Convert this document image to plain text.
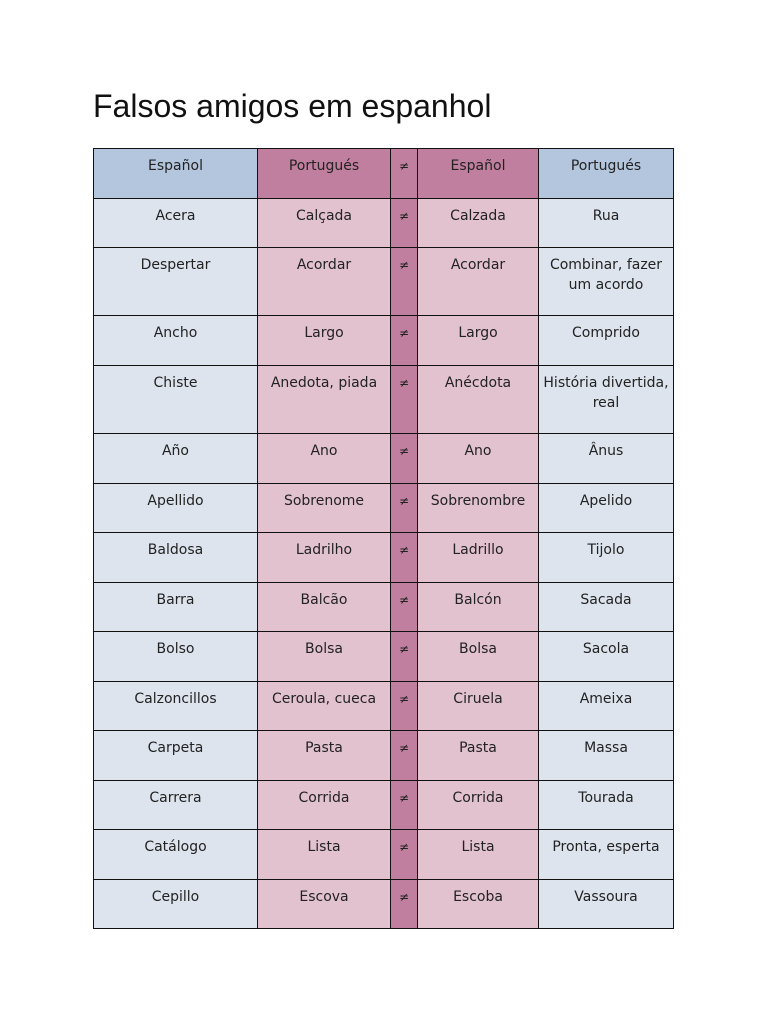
Falsos amigos em espanhol
Español	Portugués	≠	Español	Portugués
Acera	Calçada	≠	Calzada	Rua
Despertar	Acordar	≠	Acordar	Combinar, fazer um acordo
Ancho	Largo	≠	Largo	Comprido
Chiste	Anedota, piada	≠	Anécdota	História divertida, real
Año	Ano	≠	Ano	Ânus
Apellido	Sobrenome	≠	Sobrenombre	Apelido
Baldosa	Ladrilho	≠	Ladrillo	Tijolo
Barra	Balcão	≠	Balcón	Sacada
Bolso	Bolsa	≠	Bolsa	Sacola
Calzoncillos	Ceroula, cueca	≠	Ciruela	Ameixa
Carpeta	Pasta	≠	Pasta	Massa
Carrera	Corrida	≠	Corrida	Tourada
Catálogo	Lista	≠	Lista	Pronta, esperta
Cepillo	Escova	≠	Escoba	Vassoura
